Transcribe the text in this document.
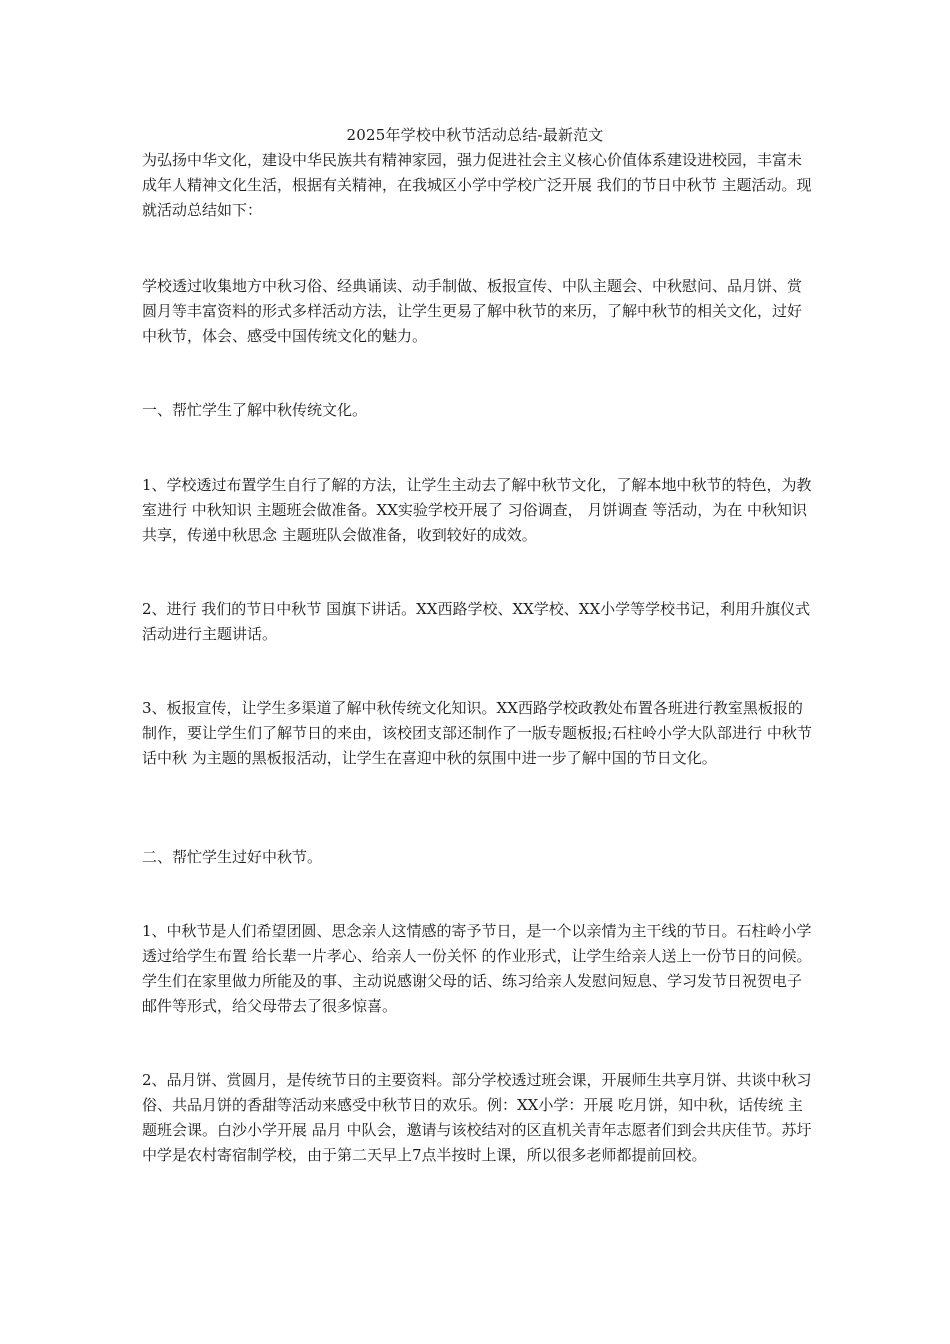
2025年学校中秋节活动总结-最新范文
为弘扬中华文化，建设中华民族共有精神家园，强力促进社会主义核心价值体系建设进校园，丰富未成年人精神文化生活，根据有关精神，在我城区小学中学校广泛开展 我们的节日中秋节 主题活动。现就活动总结如下：
学校透过收集地方中秋习俗、经典诵读、动手制做、板报宣传、中队主题会、中秋慰问、品月饼、赏圆月等丰富资料的形式多样活动方法，让学生更易了解中秋节的来历，了解中秋节的相关文化，过好中秋节，体会、感受中国传统文化的魅力。
一、帮忙学生了解中秋传统文化。
1、学校透过布置学生自行了解的方法，让学生主动去了解中秋节文化，了解本地中秋节的特色，为教室进行 中秋知识 主题班会做准备。XX实验学校开展了 习俗调查， 月饼调查 等活动，为在 中秋知识共享，传递中秋思念 主题班队会做准备，收到较好的成效。
2、进行 我们的节日中秋节 国旗下讲话。XX西路学校、XX学校、XX小学等学校书记，利用升旗仪式活动进行主题讲话。
3、板报宣传，让学生多渠道了解中秋传统文化知识。XX西路学校政教处布置各班进行教室黑板报的制作，要让学生们了解节日的来由，该校团支部还制作了一版专题板报;石柱岭小学大队部进行 中秋节话中秋 为主题的黑板报活动，让学生在喜迎中秋的氛围中进一步了解中国的节日文化。
二、帮忙学生过好中秋节。
1、中秋节是人们希望团圆、思念亲人这情感的寄予节日，是一个以亲情为主干线的节日。石柱岭小学透过给学生布置 给长辈一片孝心、给亲人一份关怀 的作业形式，让学生给亲人送上一份节日的问候。学生们在家里做力所能及的事、主动说感谢父母的话、练习给亲人发慰问短息、学习发节日祝贺电子邮件等形式，给父母带去了很多惊喜。
2、品月饼、赏圆月，是传统节日的主要资料。部分学校透过班会课，开展师生共享月饼、共谈中秋习俗、共品月饼的香甜等活动来感受中秋节日的欢乐。例：XX小学：开展 吃月饼，知中秋，话传统 主题班会课。白沙小学开展 品月 中队会，邀请与该校结对的区直机关青年志愿者们到会共庆佳节。苏圩中学是农村寄宿制学校，由于第二天早上7点半按时上课，所以很多老师都提前回校。
